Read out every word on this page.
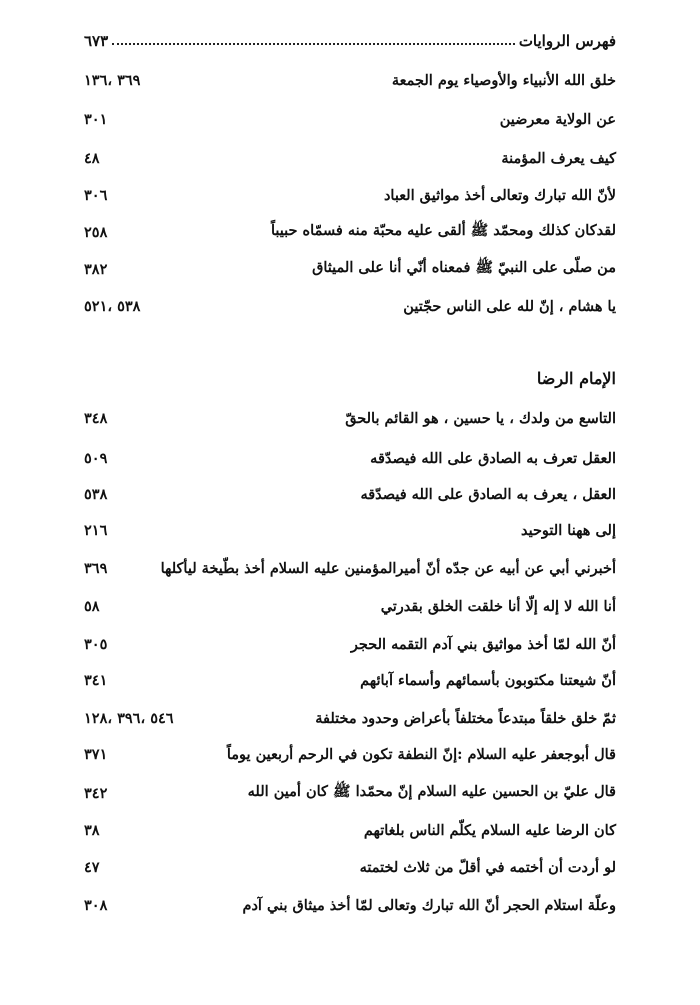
فهرس الروايات
٦٧٣
خلق الله الأنبياء والأوصياء يوم الجمعة
٣٦٩ ،١٣٦
عن الولاية معرضين
٣٠١
كيف يعرف المؤمنة
٤٨
لأنّ الله تبارك وتعالى أخذ مواثيق العباد
٣٠٦
لقدكان كذلك ومحمّد ﷺ ألقى عليه محبّة منه فسمّاه حبيباً
٢٥٨
من صلّى على النبيّ ﷺ فمعناه أنّي أنا على الميثاق
٣٨٢
يا هشام ، إنّ لله على الناس حجّتين
٥٣٨ ،٥٢١
الإمام الرضا
التاسع من ولدك ، يا حسين ، هو القائم بالحقّ
٣٤٨
العقل تعرف به الصادق على الله فيصدّقه
٥٠٩
العقل ، يعرف به الصادق على الله فيصدّقه
٥٣٨
إلى ههنا التوحيد
٢١٦
أخبرني أبي عن أبيه عن جدّه أنّ أميرالمؤمنين عليه السلام أخذ بطّيخة ليأكلها
٣٦٩
أنا الله لا إله إلّا أنا خلقت الخلق بقدرتي
٥٨
أنّ الله لمّا أخذ مواثيق بني آدم التقمه الحجر
٣٠٥
أنّ شيعتنا مكتوبون بأسمائهم وأسماء آبائهم
٣٤١
ثمّ خلق خلقاً مبتدعاً مختلفاً بأعراض وحدود مختلفة
٥٤٦ ،٣٩٦ ،١٢٨
قال أبوجعفر عليه السلام :إنّ النطفة تكون في الرحم أربعين يوماً
٣٧١
قال عليّ بن الحسين عليه السلام إنّ محمّدا ﷺ كان أمين الله
٣٤٢
كان الرضا عليه السلام يكلّم الناس بلغاتهم
٣٨
لو أردت أن أختمه في أقلّ من ثلاث لختمته
٤٧
وعلّة استلام الحجر أنّ الله تبارك وتعالى لمّا أخذ ميثاق بني آدم
٣٠٨
